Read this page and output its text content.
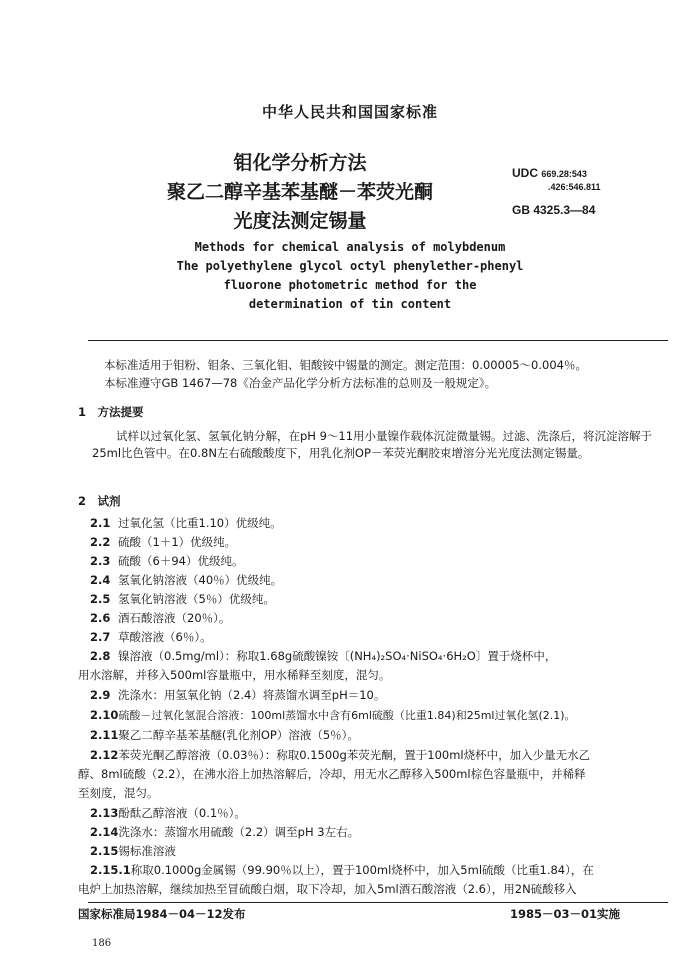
中华人民共和国国家标准
钼化学分析方法
聚乙二醇辛基苯基醚－苯荧光酮
光度法测定锡量
UDC 669.28:543
.426:546.811
GB 4325.3—84
Methods for chemical analysis of molybdenum
The polyethylene glycol octyl phenylether-phenyl
fluorone photometric method for the
determination of tin content
本标准适用于钼粉、钼条、三氧化钼、钼酸铵中锡量的测定。测定范围：0.00005～0.004％。
本标准遵守GB 1467—78《冶金产品化学分析方法标准的总则及一般规定》。
1　方法提要
试样以过氧化氢、氢氧化钠分解，在pH 9～11用小量镍作载体沉淀微量锡。过滤、洗涤后，将沉淀溶解于25ml比色管中。在0.8N左右硫酸酸度下，用乳化剂OP－苯荧光酮胶束增溶分光光度法测定锡量。
2　试剂
2.1 过氧化氢（比重1.10）优级纯。
2.2 硫酸（1＋1）优级纯。
2.3 硫酸（6＋94）优级纯。
2.4 氢氧化钠溶液（40％）优级纯。
2.5 氢氧化钠溶液（5％）优级纯。
2.6 酒石酸溶液（20％）。
2.7 草酸溶液（6％）。
2.8 镍溶液（0.5mg/ml）：称取1.68g硫酸镍铵〔(NH₄)₂SO₄·NiSO₄·6H₂O〕置于烧杯中，
用水溶解，并移入500ml容量瓶中，用水稀释至刻度，混匀。
2.9 洗涤水：用氢氧化钠（2.4）将蒸馏水调至pH＝10。
2.10硫酸－过氧化氢混合溶液：100ml蒸馏水中含有6ml硫酸（比重1.84)和25ml过氧化氢(2.1)。
2.11聚乙二醇辛基苯基醚(乳化剂OP）溶液（5％）。
2.12苯荧光酮乙醇溶液（0.03％）：称取0.1500g苯荧光酮，置于100ml烧杯中，加入少量无水乙
醇、8ml硫酸（2.2），在沸水浴上加热溶解后，冷却，用无水乙醇移入500ml棕色容量瓶中，并稀释
至刻度，混匀。
2.13酚酞乙醇溶液（0.1％）。
2.14洗涤水：蒸馏水用硫酸（2.2）调至pH 3左右。
2.15锡标准溶液
2.15.1称取0.1000g金属锡（99.90％以上），置于100ml烧杯中，加入5ml硫酸（比重1.84），在
电炉上加热溶解，继续加热至冒硫酸白烟，取下冷却，加入5ml酒石酸溶液（2.6），用2N硫酸移入
国家标准局1984－04－12发布	1985－03－01实施
186
